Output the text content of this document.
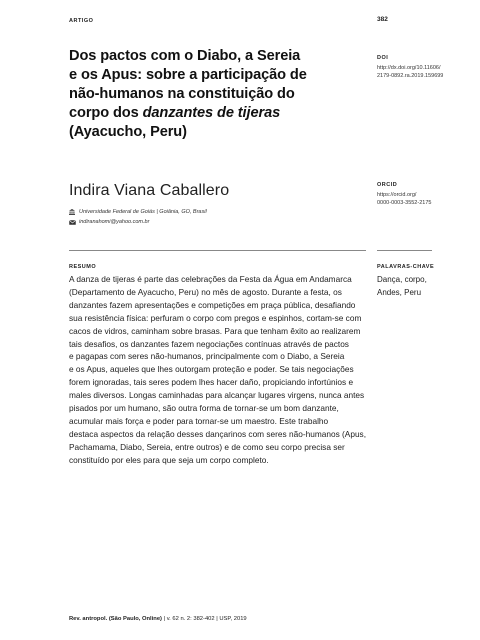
ARTIGO	382
Dos pactos com o Diabo, a Sereia
e os Apus: sobre a participação de
não-humanos na constituição do
corpo dos danzantes de tijeras
(Ayacucho, Peru)
DOI
http://dx.doi.org/10.11606/
2179-0892.ra.2019.159699
ORCID
https://orcid.org/
0000-0003-3552-2175
Indira Viana Caballero
Universidade Federal de Goiás | Goiânia, GO, Brasil
indiranahomi@yahoo.com.br
RESUMO	PALAVRAS-CHAVE
A danza de tijeras é parte das celebrações da Festa da Água em Andamarca
(Departamento de Ayacucho, Peru) no mês de agosto. Durante a festa, os
danzantes fazem apresentações e competições em praça pública, desafiando
sua resistência física: perfuram o corpo com pregos e espinhos, cortam-se com
cacos de vidros, caminham sobre brasas. Para que tenham êxito ao realizarem
tais desafios, os danzantes fazem negociações contínuas através de pactos
e pagapas com seres não-humanos, principalmente com o Diabo, a Sereia
e os Apus, aqueles que lhes outorgam proteção e poder. Se tais negociações
forem ignoradas, tais seres podem lhes hacer daño, propiciando infortúnios e
males diversos. Longas caminhadas para alcançar lugares virgens, nunca antes
pisados por um humano, são outra forma de tornar-se um bom danzante,
acumular mais força e poder para tornar-se um maestro. Este trabalho
destaca aspectos da relação desses dançarinos com seres não-humanos (Apus,
Pachamama, Diabo, Sereia, entre outros) e de como seu corpo precisa ser
constituído por eles para que seja um corpo completo.
Dança, corpo,
Andes, Peru
Rev. antropol. (São Paulo, Online) | v. 62 n. 2: 382-402 | USP, 2019
